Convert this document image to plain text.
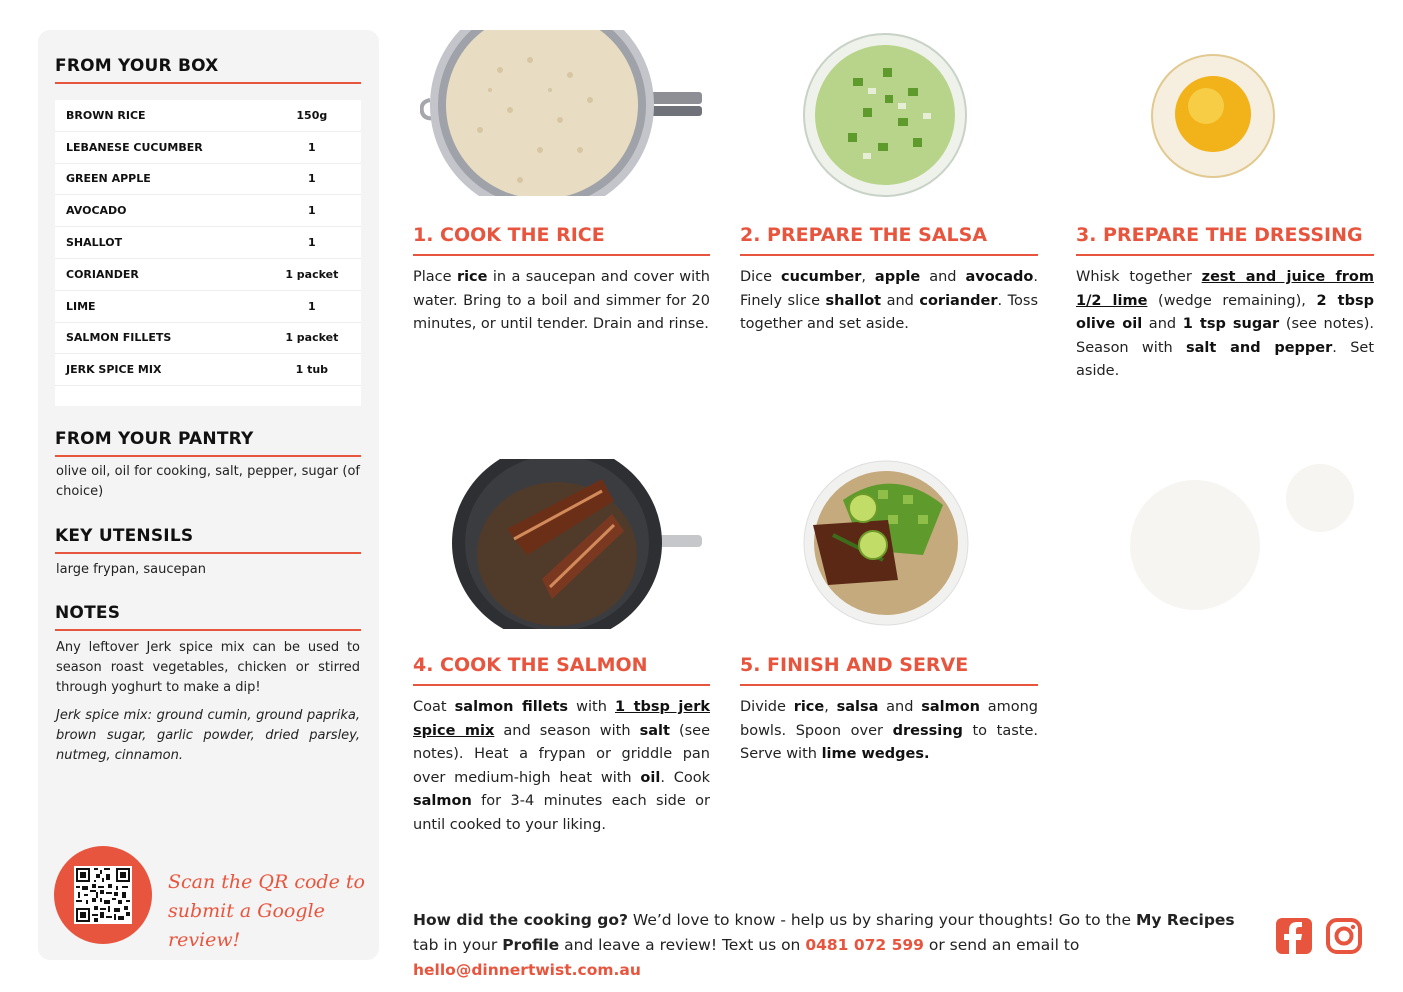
FROM YOUR BOX
BROWN RICE	150g
LEBANESE CUCUMBER	1
GREEN APPLE	1
AVOCADO	1
SHALLOT	1
CORIANDER	1 packet
LIME	1
SALMON FILLETS	1 packet
JERK SPICE MIX	1 tub
FROM YOUR PANTRY
olive oil, oil for cooking, salt, pepper, sugar (of choice)
KEY UTENSILS
large frypan, saucepan
NOTES
Any leftover Jerk spice mix can be used to season roast vegetables, chicken or stirred through yoghurt to make a dip!
Jerk spice mix: ground cumin, ground paprika, brown sugar, garlic powder, dried parsley, nutmeg, cinnamon.
Scan the QR code to
submit a Google review!
1. COOK THE RICE
Place rice in a saucepan and cover with water. Bring to a boil and simmer for 20 minutes, or until tender. Drain and rinse.
2. PREPARE THE SALSA
Dice cucumber, apple and avocado. Finely slice shallot and coriander. Toss together and set aside.
3. PREPARE THE DRESSING
Whisk together zest and juice from 1/2 lime (wedge remaining), 2 tbsp olive oil and 1 tsp sugar (see notes). Season with salt and pepper. Set aside.
4. COOK THE SALMON
Coat salmon fillets with 1 tbsp jerk spice mix and season with salt (see notes). Heat a frypan or griddle pan over medium-high heat with oil. Cook salmon for 3-4 minutes each side or until cooked to your liking.
5. FINISH AND SERVE
Divide rice, salsa and salmon among bowls. Spoon over dressing to taste. Serve with lime wedges.
How did the cooking go? We’d love to know - help us by sharing your thoughts! Go to the My Recipes tab in your Profile and leave a review! Text us on 0481 072 599 or send an email to hello@dinnertwist.com.au
